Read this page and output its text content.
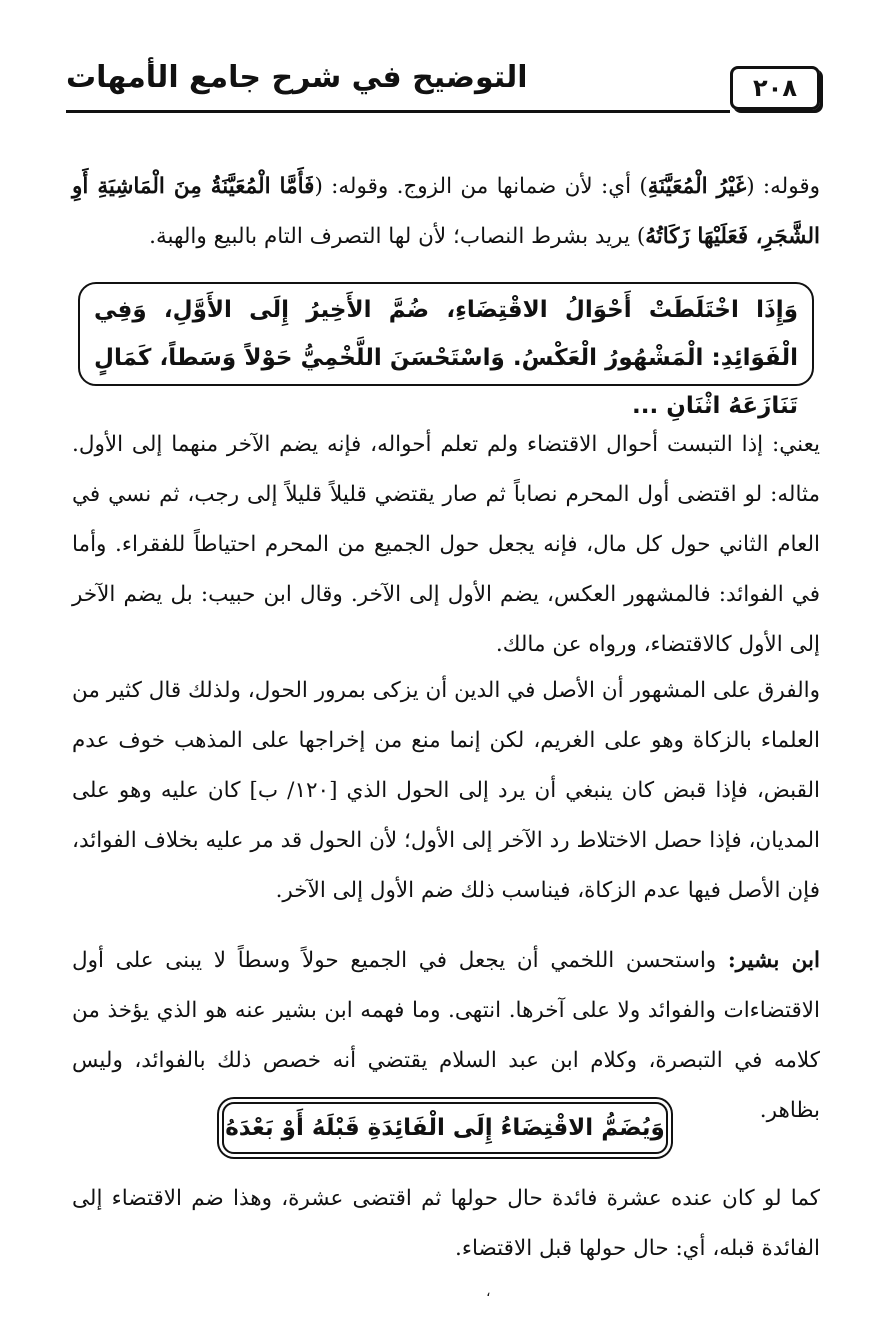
٢٠٨
التوضيح في شرح جامع الأمهات
وقوله: (غَيْرُ الْمُعَيَّنَةِ) أي: لأن ضمانها من الزوج. وقوله: (فَأَمَّا الْمُعَيَّنَةُ مِنَ الْمَاشِيَةِ أَوِ الشَّجَرِ، فَعَلَيْهَا زَكَاتُهُ) يريد بشرط النصاب؛ لأن لها التصرف التام بالبيع والهبة.
وَإِذَا اخْتَلَطَتْ أَحْوَالُ الاقْتِضَاءِ، ضُمَّ الأَخِيرُ إِلَى الأَوَّلِ، وَفِي الْفَوَائِدِ: الْمَشْهُورُ الْعَكْسُ. وَاسْتَحْسَنَ اللَّخْمِيُّ حَوْلاً وَسَطاً، كَمَالٍ تَنَازَعَهُ اثْنَانِ ...
يعني: إذا التبست أحوال الاقتضاء ولم تعلم أحواله، فإنه يضم الآخر منهما إلى الأول. مثاله: لو اقتضى أول المحرم نصاباً ثم صار يقتضي قليلاً قليلاً إلى رجب، ثم نسي في العام الثاني حول كل مال، فإنه يجعل حول الجميع من المحرم احتياطاً للفقراء. وأما في الفوائد: فالمشهور العكس، يضم الأول إلى الآخر. وقال ابن حبيب: بل يضم الآخر إلى الأول كالاقتضاء، ورواه عن مالك.
والفرق على المشهور أن الأصل في الدين أن يزكى بمرور الحول، ولذلك قال كثير من العلماء بالزكاة وهو على الغريم، لكن إنما منع من إخراجها على المذهب خوف عدم القبض، فإذا قبض كان ينبغي أن يرد إلى الحول الذي [١٢٠/ ب] كان عليه وهو على المديان، فإذا حصل الاختلاط رد الآخر إلى الأول؛ لأن الحول قد مر عليه بخلاف الفوائد، فإن الأصل فيها عدم الزكاة، فيناسب ذلك ضم الأول إلى الآخر.
ابن بشير: واستحسن اللخمي أن يجعل في الجميع حولاً وسطاً لا يبنى على أول الاقتضاءات والفوائد ولا على آخرها. انتهى. وما فهمه ابن بشير عنه هو الذي يؤخذ من كلامه في التبصرة، وكلام ابن عبد السلام يقتضي أنه خصص ذلك بالفوائد، وليس بظاهر.
وَيُضَمُّ الاقْتِضَاءُ إِلَى الْفَائِدَةِ قَبْلَهُ أَوْ بَعْدَهُ
كما لو كان عنده عشرة فائدة حال حولها ثم اقتضى عشرة، وهذا ضم الاقتضاء إلى الفائدة قبله، أي: حال حولها قبل الاقتضاء.
،
